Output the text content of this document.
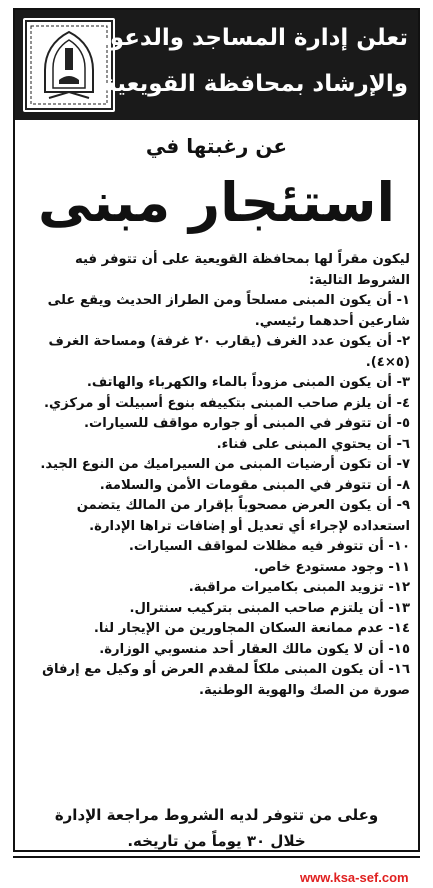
تعلن إدارة المساجد والدعوة
والإرشاد بمحافظة القويعية
عن رغبتها في
استئجار مبنى

ليكون مقراً لها بمحافظة القويعية على أن تتوفر فيه الشروط التالية:

١- أن يكون المبنى مسلحاً ومن الطراز الحديث ويقع على شارعين أحدهما رئيسي.

٢- أن يكون عدد الغرف (يقارب ٢٠ غرفة) ومساحة الغرف (٥×٤).

٣- أن يكون المبنى مزوداً بالماء والكهرباء والهاتف.

٤- أن يلزم صاحب المبنى بتكييفه بنوع أسبيلت أو مركزي.

٥- أن تتوفر في المبنى أو جواره مواقف للسيارات.

٦- أن يحتوي المبنى على فناء.

٧- أن تكون أرضيات المبنى من السيراميك من النوع الجيد.

٨- أن تتوفر في المبنى مقومات الأمن والسلامة.

٩- أن يكون العرض مصحوباً بإقرار من المالك يتضمن استعداده لإجراء أي تعديل أو إضافات تراها الإدارة.

١٠- أن تتوفر فيه مظلات لمواقف السيارات.

١١- وجود مستودع خاص.

١٢- تزويد المبنى بكاميرات مراقبة.

١٣- أن يلتزم صاحب المبنى بتركيب سنترال.

١٤- عدم ممانعة السكان المجاورين من الإيجار لنا.

١٥- أن لا يكون مالك العقار أحد منسوبي الوزارة.

١٦- أن يكون المبنى ملكاً لمقدم العرض أو وكيل مع إرفاق صورة من الصك والهوية الوطنية.

وعلى من تتوفر لديه الشروط مراجعة الإدارة
خلال ٣٠ يوماً من تاريخه.
www.ksa-sef.com
